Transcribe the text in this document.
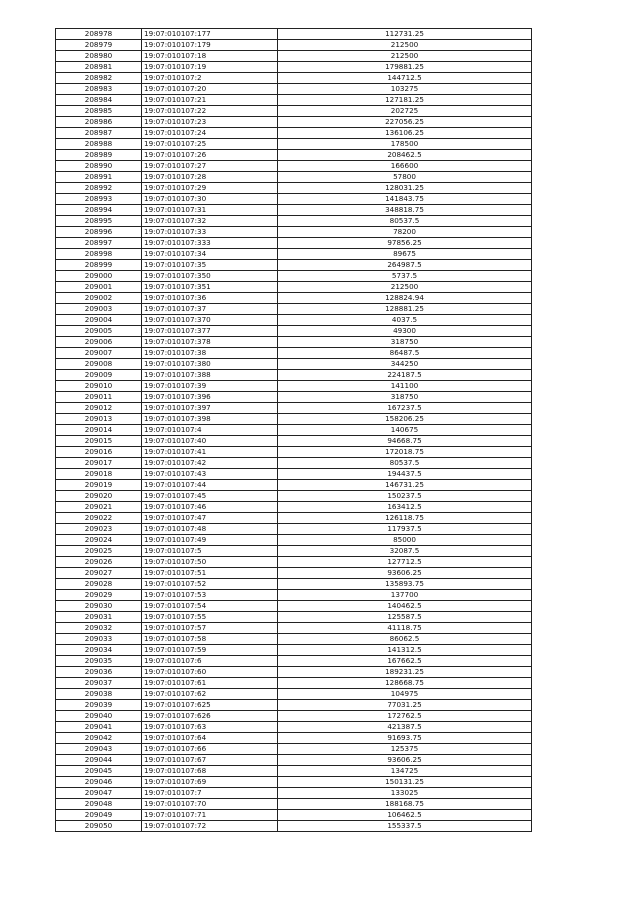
208978	19:07:010107:177	112731.25
208979	19:07:010107:179	212500
208980	19:07:010107:18	212500
208981	19:07:010107:19	179881.25
208982	19:07:010107:2	144712.5
208983	19:07:010107:20	103275
208984	19:07:010107:21	127181.25
208985	19:07:010107:22	202725
208986	19:07:010107:23	227056.25
208987	19:07:010107:24	136106.25
208988	19:07:010107:25	178500
208989	19:07:010107:26	208462.5
208990	19:07:010107:27	166600
208991	19:07:010107:28	57800
208992	19:07:010107:29	128031.25
208993	19:07:010107:30	141843.75
208994	19:07:010107:31	348818.75
208995	19:07:010107:32	80537.5
208996	19:07:010107:33	78200
208997	19:07:010107:333	97856.25
208998	19:07:010107:34	89675
208999	19:07:010107:35	264987.5
209000	19:07:010107:350	5737.5
209001	19:07:010107:351	212500
209002	19:07:010107:36	128824.94
209003	19:07:010107:37	128881.25
209004	19:07:010107:370	4037.5
209005	19:07:010107:377	49300
209006	19:07:010107:378	318750
209007	19:07:010107:38	86487.5
209008	19:07:010107:380	344250
209009	19:07:010107:388	224187.5
209010	19:07:010107:39	141100
209011	19:07:010107:396	318750
209012	19:07:010107:397	167237.5
209013	19:07:010107:398	158206.25
209014	19:07:010107:4	140675
209015	19:07:010107:40	94668.75
209016	19:07:010107:41	172018.75
209017	19:07:010107:42	80537.5
209018	19:07:010107:43	194437.5
209019	19:07:010107:44	146731.25
209020	19:07:010107:45	150237.5
209021	19:07:010107:46	163412.5
209022	19:07:010107:47	126118.75
209023	19:07:010107:48	117937.5
209024	19:07:010107:49	85000
209025	19:07:010107:5	32087.5
209026	19:07:010107:50	127712.5
209027	19:07:010107:51	93606.25
209028	19:07:010107:52	135893.75
209029	19:07:010107:53	137700
209030	19:07:010107:54	140462.5
209031	19:07:010107:55	125587.5
209032	19:07:010107:57	41118.75
209033	19:07:010107:58	86062.5
209034	19:07:010107:59	141312.5
209035	19:07:010107:6	167662.5
209036	19:07:010107:60	189231.25
209037	19:07:010107:61	128668.75
209038	19:07:010107:62	104975
209039	19:07:010107:625	77031.25
209040	19:07:010107:626	172762.5
209041	19:07:010107:63	421387.5
209042	19:07:010107:64	91693.75
209043	19:07:010107:66	125375
209044	19:07:010107:67	93606.25
209045	19:07:010107:68	134725
209046	19:07:010107:69	150131.25
209047	19:07:010107:7	133025
209048	19:07:010107:70	188168.75
209049	19:07:010107:71	106462.5
209050	19:07:010107:72	155337.5
